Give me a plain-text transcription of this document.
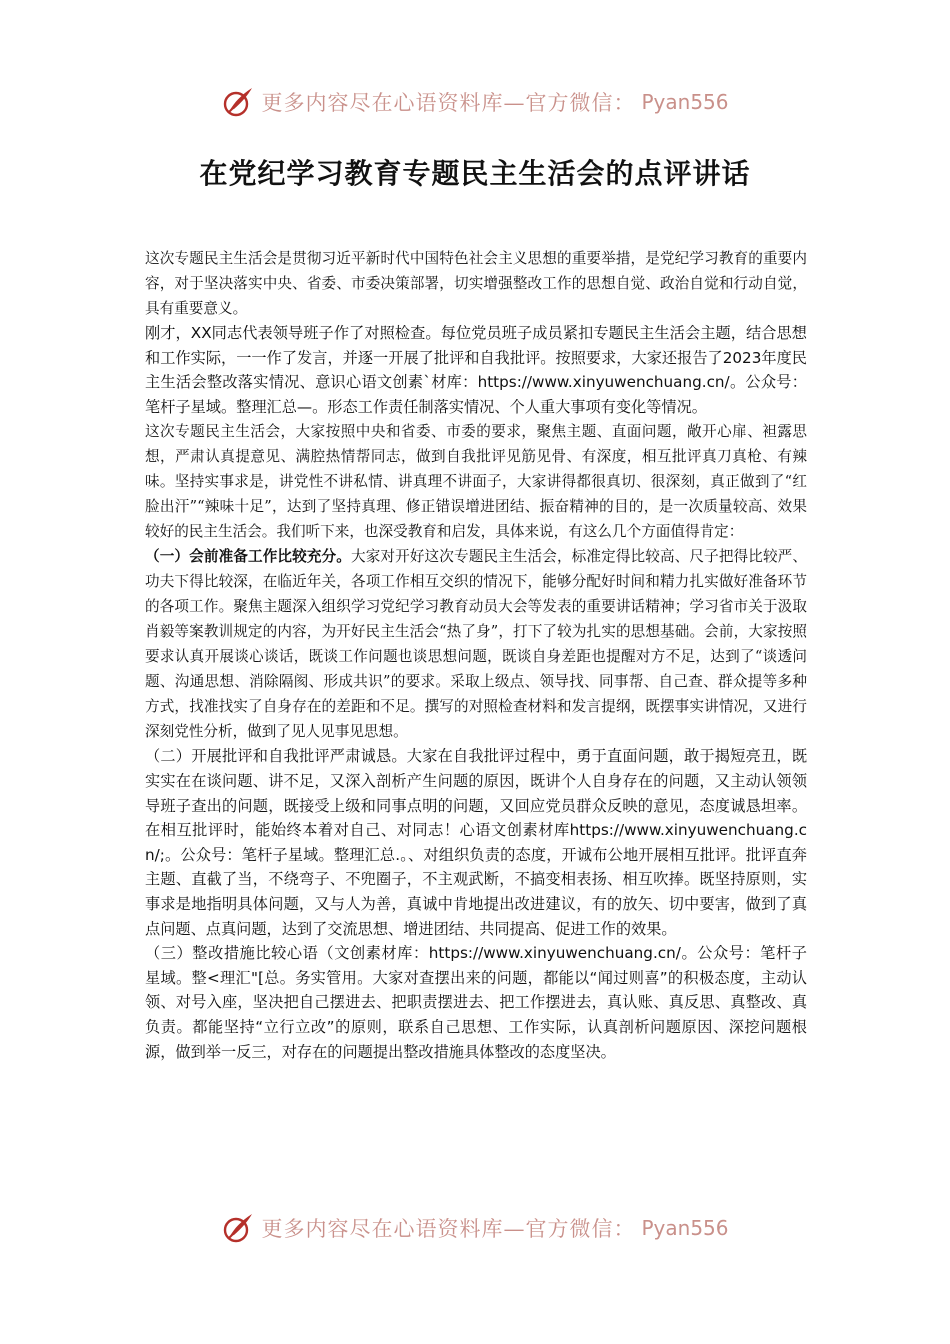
更多内容尽在心语资料库—官方微信： Pyan556
在党纪学习教育专题民主生活会的点评讲话

这次专题民主生活会是贯彻习近平新时代中国特色社会主义思想的重要举措，是党纪学习教育的重要内容，对于坚决落实中央、省委、市委决策部署，切实增强整改工作的思想自觉、政治自觉和行动自觉，具有重要意义。

刚才，XX同志代表领导班子作了对照检查。每位党员班子成员紧扣专题民主生活会主题，结合思想和工作实际，一一作了发言，并逐一开展了批评和自我批评。按照要求，大家还报告了2023年度民主生活会整改落实情况、意识心语文创素`材库：https://www.xinyuwenchuang.cn/。公众号：笔杆子星域。整理汇总—。形态工作责任制落实情况、个人重大事项有变化等情况。

这次专题民主生活会，大家按照中央和省委、市委的要求，聚焦主题、直面问题，敞开心扉、袒露思想，严肃认真提意见、满腔热情帮同志，做到自我批评见筋见骨、有深度，相互批评真刀真枪、有辣味。坚持实事求是，讲党性不讲私情、讲真理不讲面子，大家讲得都很真切、很深刻，真正做到了“红脸出汗”“辣味十足”，达到了坚持真理、修正错误增进团结、振奋精神的目的，是一次质量较高、效果较好的民主生活会。我们听下来，也深受教育和启发，具体来说，有这么几个方面值得肯定：

（一）会前准备工作比较充分。大家对开好这次专题民主生活会，标准定得比较高、尺子把得比较严、功夫下得比较深，在临近年关，各项工作相互交织的情况下，能够分配好时间和精力扎实做好准备环节的各项工作。聚焦主题深入组织学习党纪学习教育动员大会等发表的重要讲话精神；学习省市关于汲取肖毅等案教训规定的内容，为开好民主生活会“热了身”，打下了较为扎实的思想基础。会前，大家按照要求认真开展谈心谈话，既谈工作问题也谈思想问题，既谈自身差距也提醒对方不足，达到了“谈透问题、沟通思想、消除隔阂、形成共识”的要求。采取上级点、领导找、同事帮、自己查、群众提等多种方式，找准找实了自身存在的差距和不足。撰写的对照检查材料和发言提纲，既摆事实讲情况，又进行深刻党性分析，做到了见人见事见思想。

（二）开展批评和自我批评严肃诚恳。大家在自我批评过程中，勇于直面问题，敢于揭短亮丑，既实实在在谈问题、讲不足，又深入剖析产生问题的原因，既讲个人自身存在的问题，又主动认领领导班子查出的问题，既接受上级和同事点明的问题，又回应党员群众反映的意见，态度诚恳坦率。在相互批评时，能始终本着对自己、对同志！心语文创素材库https://www.xinyuwenchuang.cn/;。公众号：笔杆子星域。整理汇总.。、对组织负责的态度，开诚布公地开展相互批评。批评直奔主题、直截了当，不绕弯子、不兜圈子，不主观武断，不搞变相表扬、相互吹捧。既坚持原则，实事求是地指明具体问题，又与人为善，真诚中肯地提出改进建议，有的放矢、切中要害，做到了真点问题、点真问题，达到了交流思想、增进团结、共同提高、促进工作的效果。

（三）整改措施比较心语（文创素材库：https://www.xinyuwenchuang.cn/。公众号：笔杆子星域。整<理汇"[总。务实管用。大家对查摆出来的问题，都能以“闻过则喜”的积极态度，主动认领、对号入座，坚决把自己摆进去、把职责摆进去、把工作摆进去，真认账、真反思、真整改、真负责。都能坚持“立行立改”的原则，联系自己思想、工作实际，认真剖析问题原因、深挖问题根源，做到举一反三，对存在的问题提出整改措施具体整改的态度坚决。

更多内容尽在心语资料库—官方微信： Pyan556
